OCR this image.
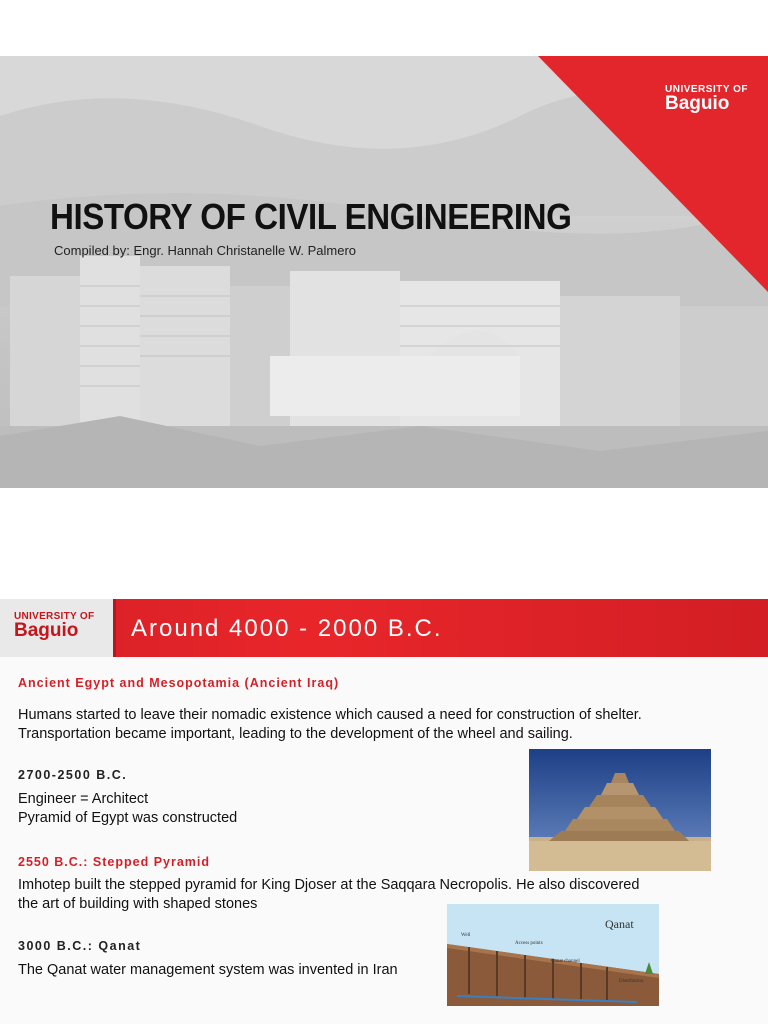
UNIVERSITY OF
Baguio
HISTORY OF CIVIL ENGINEERING
Compiled by: Engr. Hannah Christanelle W. Palmero
UNIVERSITY OF
Baguio Around 4000 - 2000 B.C.
Ancient Egypt and Mesopotamia (Ancient Iraq)
Humans started to leave their nomadic existence which caused a need for construction of shelter.
Transportation became important, leading to the development of the wheel and sailing.
2700-2500 B.C.
Engineer = Architect
Pyramid of Egypt was constructed
2550 B.C.: Stepped Pyramid
Imhotep built the stepped pyramid for King Djoser at the Saqqara Necropolis. He also discovered
the art of building with shaped stones
3000 B.C.: Qanat
The Qanat water management system was invented in Iran
Qanat
Well
Access points
Qanat channel
Distribution
